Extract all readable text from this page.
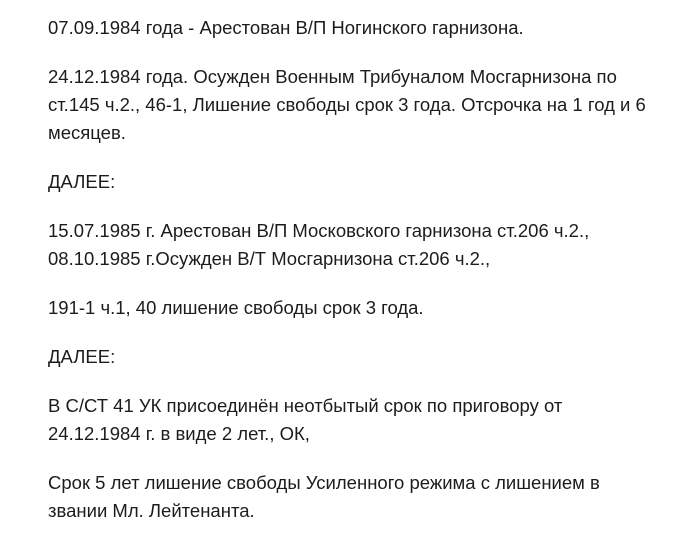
07.09.1984 года - Арестован В/П Ногинского гарнизона.

24.12.1984 года. Осужден Военным Трибуналом Мосгарнизона по
ст.145 ч.2., 46-1, Лишение свободы срок 3 года. Отсрочка на 1 год и 6
месяцев.

ДАЛЕЕ:

15.07.1985 г. Арестован В/П Московского гарнизона ст.206 ч.2.,
08.10.1985 г.Осужден В/Т Мосгарнизона ст.206 ч.2.,

191-1 ч.1, 40 лишение свободы срок 3 года.

ДАЛЕЕ:

В С/СТ 41 УК присоединён неотбытый срок по приговору от
24.12.1984 г. в виде 2 лет., ОК,

Срок 5 лет лишение свободы Усиленного режима с лишением в
звании Мл. Лейтенанта.
